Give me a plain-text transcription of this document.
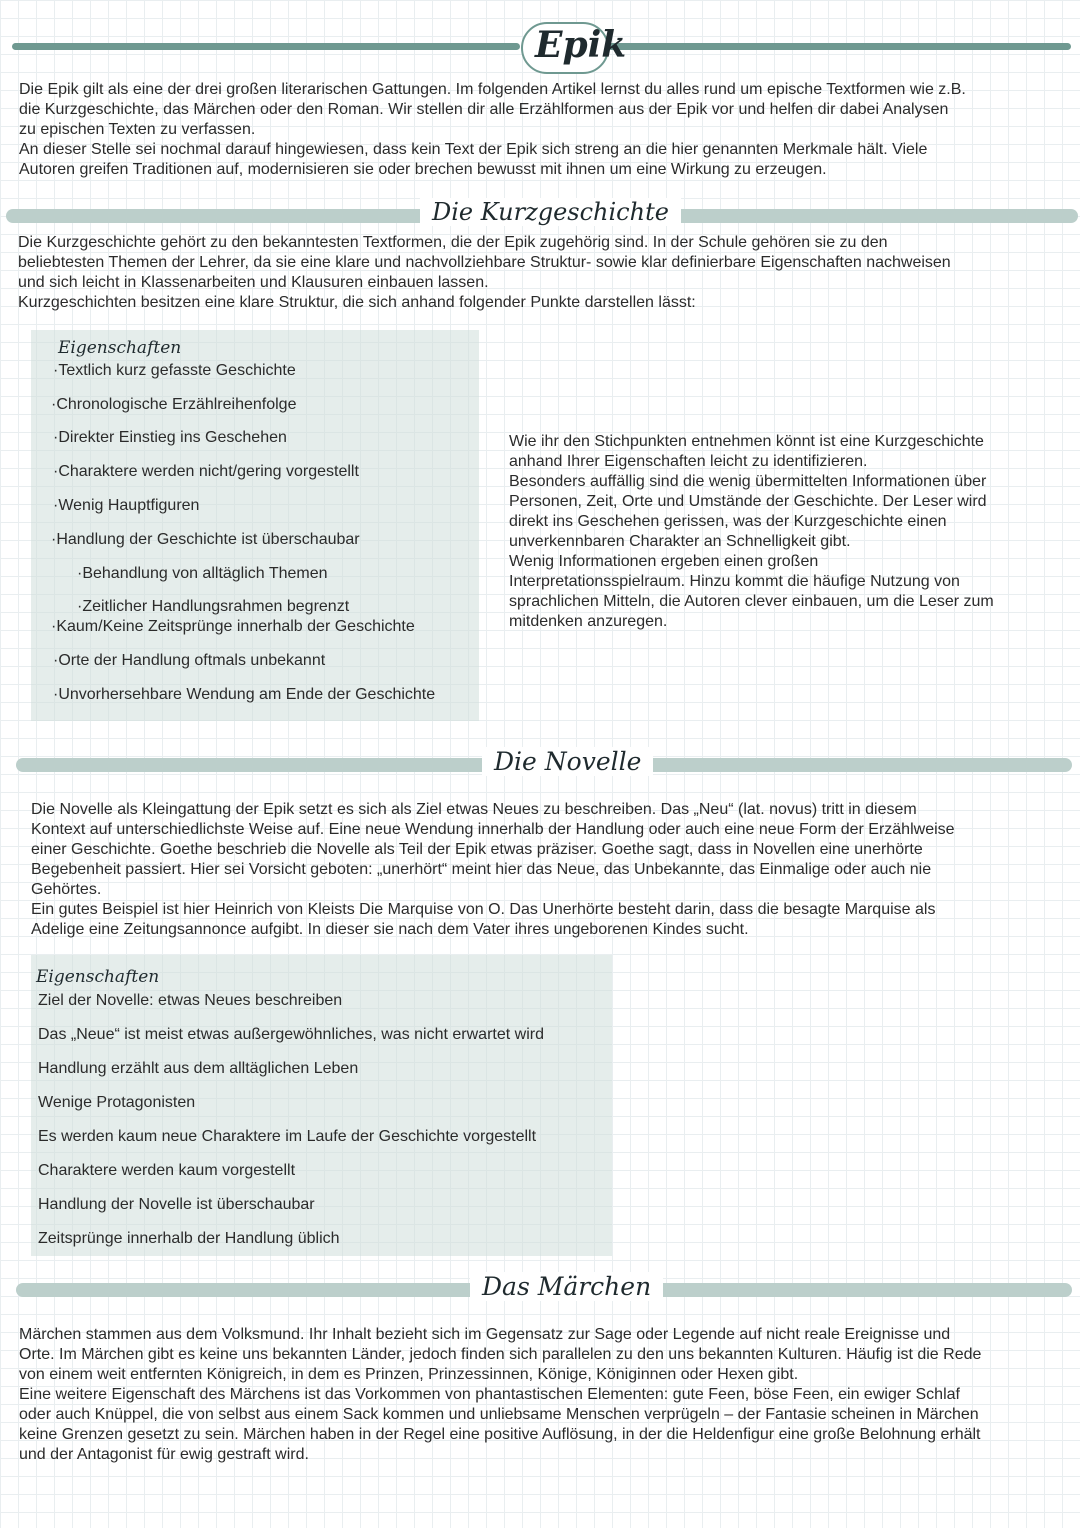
Epik

Die Epik gilt als eine der drei großen literarischen Gattungen. Im folgenden Artikel lernst du alles rund um epische Textformen wie z.B.
die Kurzgeschichte, das Märchen oder den Roman. Wir stellen dir alle Erzählformen aus der Epik vor und helfen dir dabei Analysen
zu epischen Texten zu verfassen.
An dieser Stelle sei nochmal darauf hingewiesen, dass kein Text der Epik sich streng an die hier genannten Merkmale hält. Viele
Autoren greifen Traditionen auf, modernisieren sie oder brechen bewusst mit ihnen um eine Wirkung zu erzeugen.

Die Kurzgeschichte

Die Kurzgeschichte gehört zu den bekanntesten Textformen, die der Epik zugehörig sind. In der Schule gehören sie zu den
beliebtesten Themen der Lehrer, da sie eine klare und nachvollziehbare Struktur- sowie klar definierbare Eigenschaften nachweisen
und sich leicht in Klassenarbeiten und Klausuren einbauen lassen.
Kurzgeschichten besitzen eine klare Struktur, die sich anhand folgender Punkte darstellen lässt:

Eigenschaften
·Textlich kurz gefasste Geschichte
·Chronologische Erzählreihenfolge
·Direkter Einstieg ins Geschehen
·Charaktere werden nicht/gering vorgestellt
·Wenig Hauptfiguren
·Handlung der Geschichte ist überschaubar
·Behandlung von alltäglich Themen
·Zeitlicher Handlungsrahmen begrenzt
·Kaum/Keine Zeitsprünge innerhalb der Geschichte
·Orte der Handlung oftmals unbekannt
·Unvorhersehbare Wendung am Ende der Geschichte

Wie ihr den Stichpunkten entnehmen könnt ist eine Kurzgeschichte
anhand Ihrer Eigenschaften leicht zu identifizieren.
Besonders auffällig sind die wenig übermittelten Informationen über
Personen, Zeit, Orte und Umstände der Geschichte. Der Leser wird
direkt ins Geschehen gerissen, was der Kurzgeschichte einen
unverkennbaren Charakter an Schnelligkeit gibt.
Wenig Informationen ergeben einen großen
Interpretationsspielraum. Hinzu kommt die häufige Nutzung von
sprachlichen Mitteln, die Autoren clever einbauen, um die Leser zum
mitdenken anzuregen.

Die Novelle

Die Novelle als Kleingattung der Epik setzt es sich als Ziel etwas Neues zu beschreiben. Das „Neu“ (lat. novus) tritt in diesem
Kontext auf unterschiedlichste Weise auf. Eine neue Wendung innerhalb der Handlung oder auch eine neue Form der Erzählweise
einer Geschichte. Goethe beschrieb die Novelle als Teil der Epik etwas präziser. Goethe sagt, dass in Novellen eine unerhörte
Begebenheit passiert. Hier sei Vorsicht geboten: „unerhört“ meint hier das Neue, das Unbekannte, das Einmalige oder auch nie
Gehörtes.
Ein gutes Beispiel ist hier Heinrich von Kleists Die Marquise von O. Das Unerhörte besteht darin, dass die besagte Marquise als
Adelige eine Zeitungsannonce aufgibt. In dieser sie nach dem Vater ihres ungeborenen Kindes sucht.

Eigenschaften
Ziel der Novelle: etwas Neues beschreiben
Das „Neue“ ist meist etwas außergewöhnliches, was nicht erwartet wird
Handlung erzählt aus dem alltäglichen Leben
Wenige Protagonisten
Es werden kaum neue Charaktere im Laufe der Geschichte vorgestellt
Charaktere werden kaum vorgestellt
Handlung der Novelle ist überschaubar
Zeitsprünge innerhalb der Handlung üblich
Das Märchen

Märchen stammen aus dem Volksmund. Ihr Inhalt bezieht sich im Gegensatz zur Sage oder Legende auf nicht reale Ereignisse und
Orte. Im Märchen gibt es keine uns bekannten Länder, jedoch finden sich parallelen zu den uns bekannten Kulturen. Häufig ist die Rede
von einem weit entfernten Königreich, in dem es Prinzen, Prinzessinnen, Könige, Königinnen oder Hexen gibt.
Eine weitere Eigenschaft des Märchens ist das Vorkommen von phantastischen Elementen: gute Feen, böse Feen, ein ewiger Schlaf
oder auch Knüppel, die von selbst aus einem Sack kommen und unliebsame Menschen verprügeln – der Fantasie scheinen in Märchen
keine Grenzen gesetzt zu sein. Märchen haben in der Regel eine positive Auflösung, in der die Heldenfigur eine große Belohnung erhält
und der Antagonist für ewig gestraft wird.
